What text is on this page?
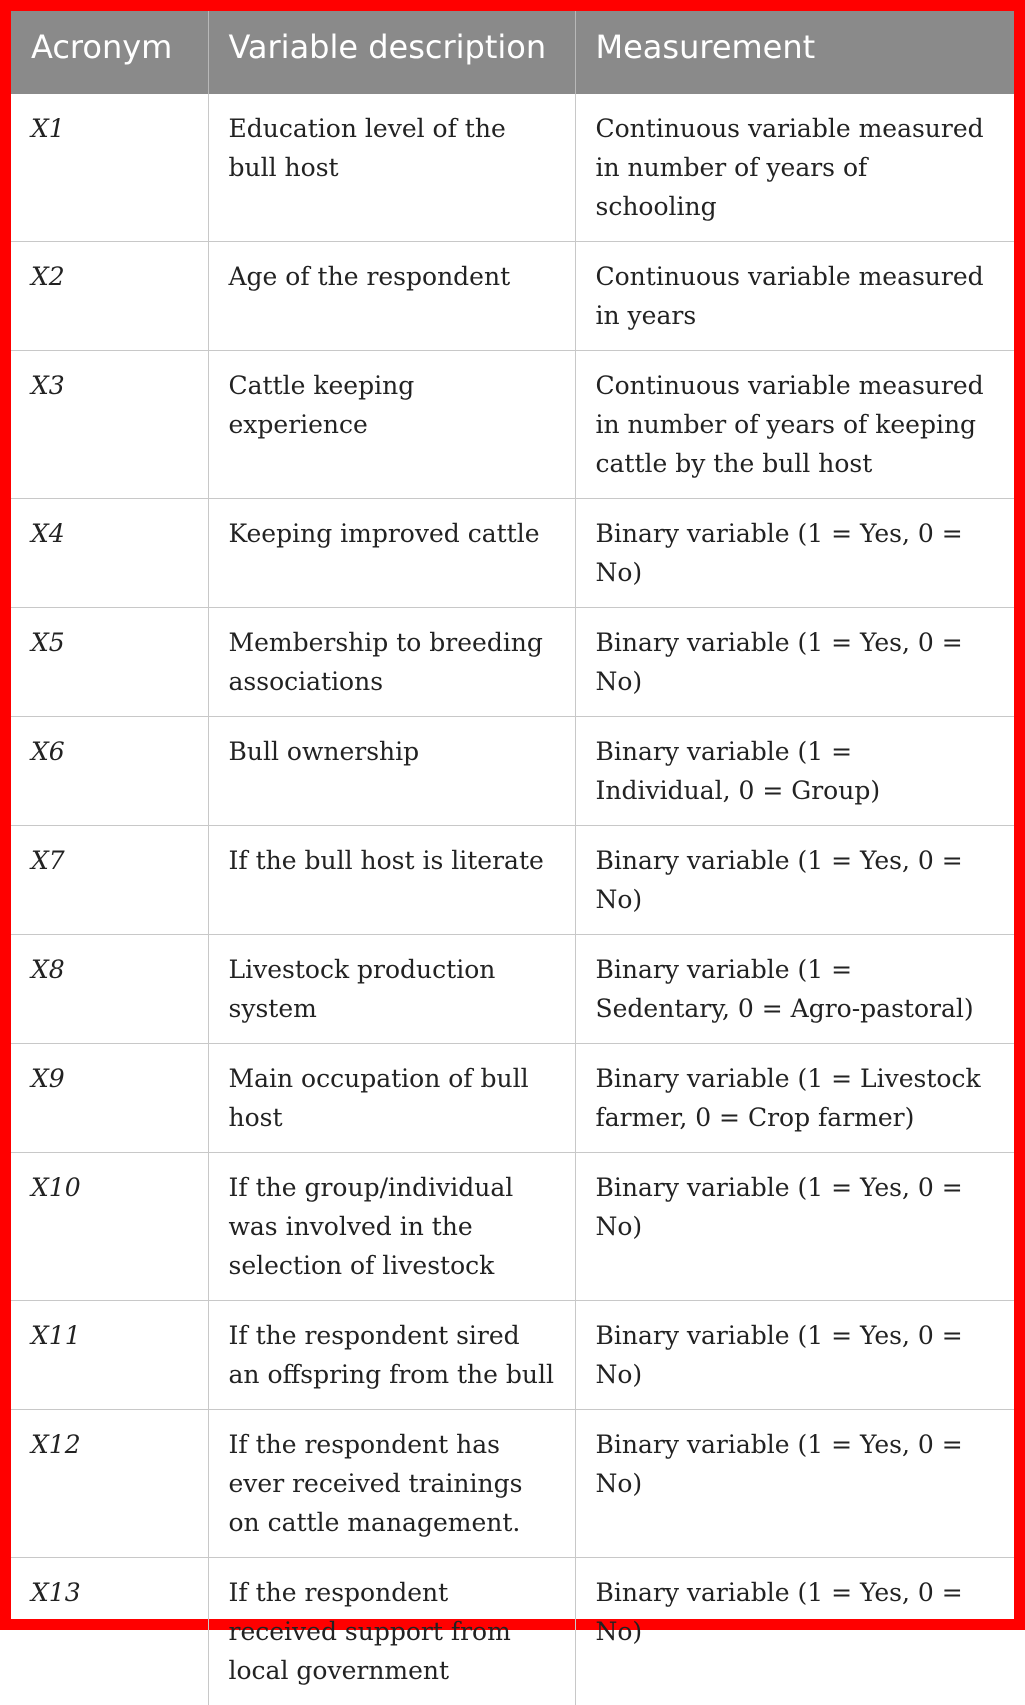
Acronym	Variable description	Measurement
X1	Education level of the bull host	Continuous variable measured in number of years of schooling
X2	Age of the respondent	Continuous variable measured in years
X3	Cattle keeping experience	Continuous variable measured in number of years of keeping cattle by the bull host
X4	Keeping improved cattle	Binary variable (1 = Yes, 0 = No)
X5	Membership to breeding associations	Binary variable (1 = Yes, 0 = No)
X6	Bull ownership	Binary variable (1 = Individual, 0 = Group)
X7	If the bull host is literate	Binary variable (1 = Yes, 0 = No)
X8	Livestock production system	Binary variable (1 = Sedentary, 0 = Agro-pastoral)
X9	Main occupation of bull host	Binary variable (1 = Livestock farmer, 0 = Crop farmer)
X10	If the group/individual was involved in the selection of livestock	Binary variable (1 = Yes, 0 = No)
X11	If the respondent sired an offspring from the bull	Binary variable (1 = Yes, 0 = No)
X12	If the respondent has ever received trainings on cattle management.	Binary variable (1 = Yes, 0 = No)
X13	If the respondent received support from local government	Binary variable (1 = Yes, 0 = No)
